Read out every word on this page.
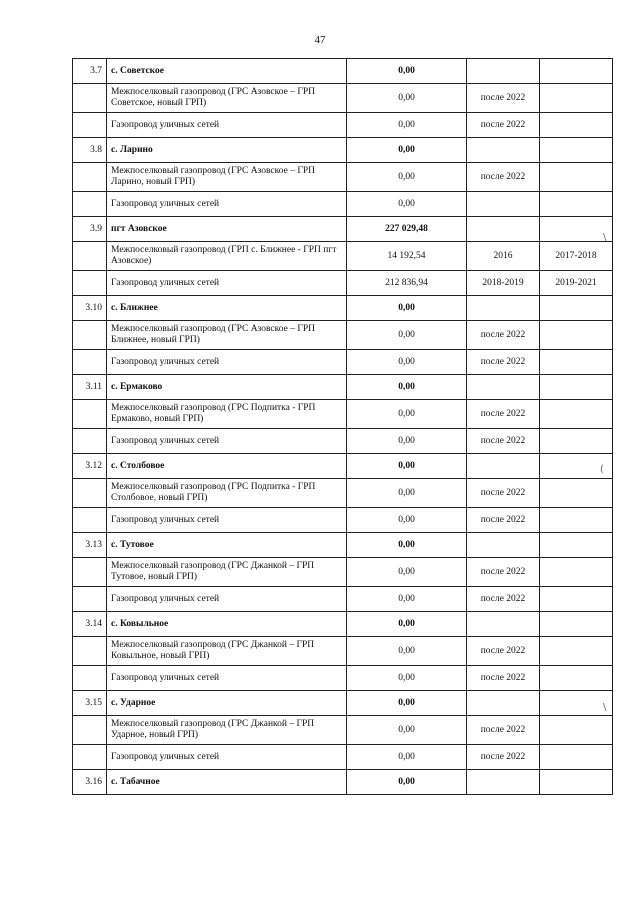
47
3.7	с. Советское	0,00		
	Межпоселковый газопровод (ГРС Азовское – ГРП Советское, новый ГРП)	0,00	после 2022	
	Газопровод уличных сетей	0,00	после 2022	
3.8	с. Ларино	0,00		
	Межпоселковый газопровод (ГРС Азовское – ГРП Ларино, новый ГРП)	0,00	после 2022	
	Газопровод уличных сетей	0,00		
3.9	пгт Азовское	227 029,48		
	Межпоселковый газопровод (ГРП с. Ближнее - ГРП пгт Азовское)	14 192,54	2016	2017-2018
	Газопровод уличных сетей	212 836,94	2018-2019	2019-2021
3.10	с. Ближнее	0,00		
	Межпоселковый газопровод (ГРС Азовское – ГРП Ближнее, новый ГРП)	0,00	после 2022	
	Газопровод уличных сетей	0,00	после 2022	
3.11	с. Ермаково	0,00		
	Межпоселковый газопровод (ГРС Подпитка - ГРП Ермаково, новый ГРП)	0,00	после 2022	
	Газопровод уличных сетей	0,00	после 2022	
3.12	с. Столбовое	0,00		
	Межпоселковый газопровод (ГРС Подпитка - ГРП Столбовое, новый ГРП)	0,00	после 2022	
	Газопровод уличных сетей	0,00	после 2022	
3.13	с. Тутовое	0,00		
	Межпоселковый газопровод (ГРС Джанкой – ГРП Тутовое, новый ГРП)	0,00	после 2022	
	Газопровод уличных сетей	0,00	после 2022	
3.14	с. Ковыльное	0,00		
	Межпоселковый газопровод (ГРС Джанкой – ГРП Ковыльное, новый ГРП)	0,00	после 2022	
	Газопровод уличных сетей	0,00	после 2022	
3.15	с. Ударное	0,00		
	Межпоселковый газопровод (ГРС Джанкой – ГРП Ударное, новый ГРП)	0,00	после 2022	
	Газопровод уличных сетей	0,00	после 2022	
3.16	с. Табачное	0,00		
\
(
\
